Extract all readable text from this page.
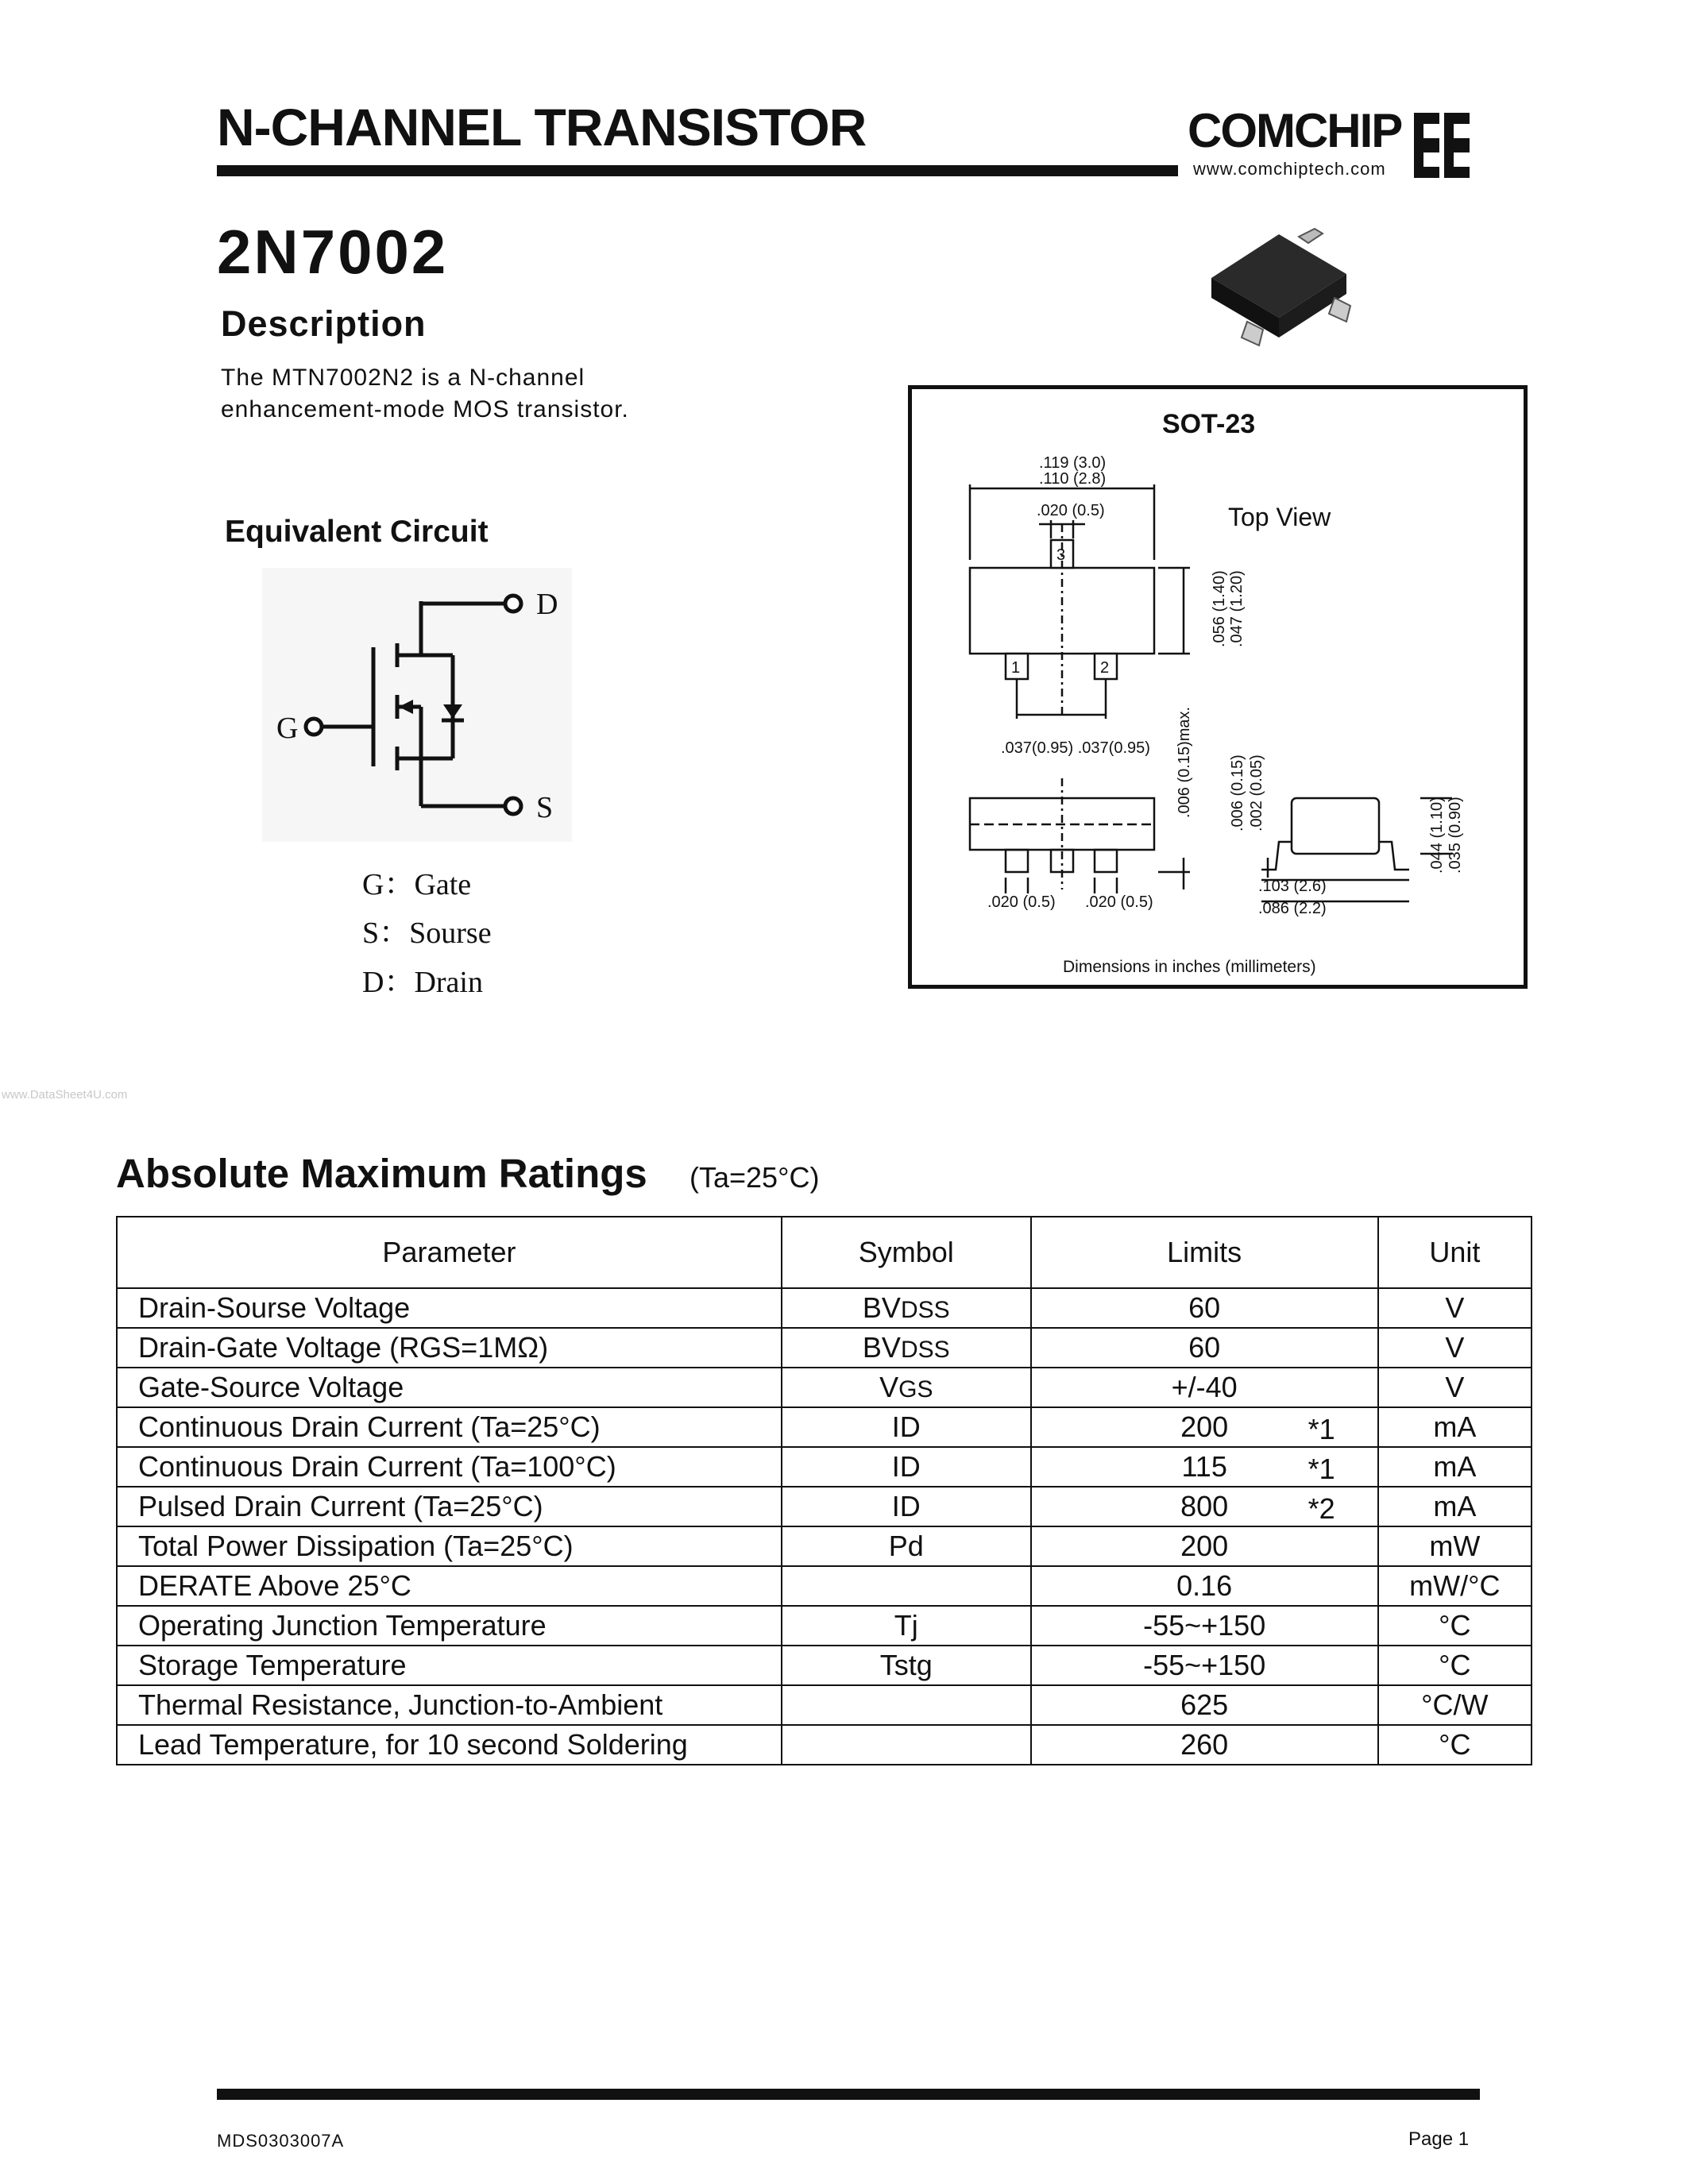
N-CHANNEL TRANSISTOR	COMCHIP
www.comchiptech.com
2N7002
Description
The MTN7002N2 is a N-channel
enhancement-mode MOS transistor.
Equivalent Circuit
D
G
S
G：Gate
S：Sourse
D：Drain
SOT-23
.119 (3.0)
.110 (2.8)
.020 (0.5)	Top View
.037(0.95) .037(0.95)
.020 (0.5) .020 (0.5)
.103 (2.6)
.086 (2.2)
Dimensions in inches (millimeters)
.056 (1.40) .047 (1.20)
.006 (0.15)max. .006 (0.15) .002 (0.05)
.044 (1.10) .035 (0.90)
3
1	2
www.DataSheet4U.com
Absolute Maximum Ratings (Ta=25°C)
Parameter	Symbol	Limits	Unit
Drain-Sourse Voltage	BVDSS	60	V
Drain-Gate Voltage (RGS=1MΩ)	BVDSS	60	V
Gate-Source Voltage	VGS	+/-40	V
Continuous Drain Current (Ta=25°C)	ID	200 *1	mA
Continuous Drain Current (Ta=100°C)	ID	115 *1	mA
Pulsed Drain Current (Ta=25°C)	ID	800 *2	mA
Total Power Dissipation (Ta=25°C)	Pd	200	mW
DERATE Above 25°C		0.16	mW/°C
Operating Junction Temperature	Tj	-55~+150	°C
Storage Temperature	Tstg	-55~+150	°C
Thermal Resistance, Junction-to-Ambient		625	°C/W
Lead Temperature, for 10 second Soldering		260	°C
MDS0303007A	Page 1
